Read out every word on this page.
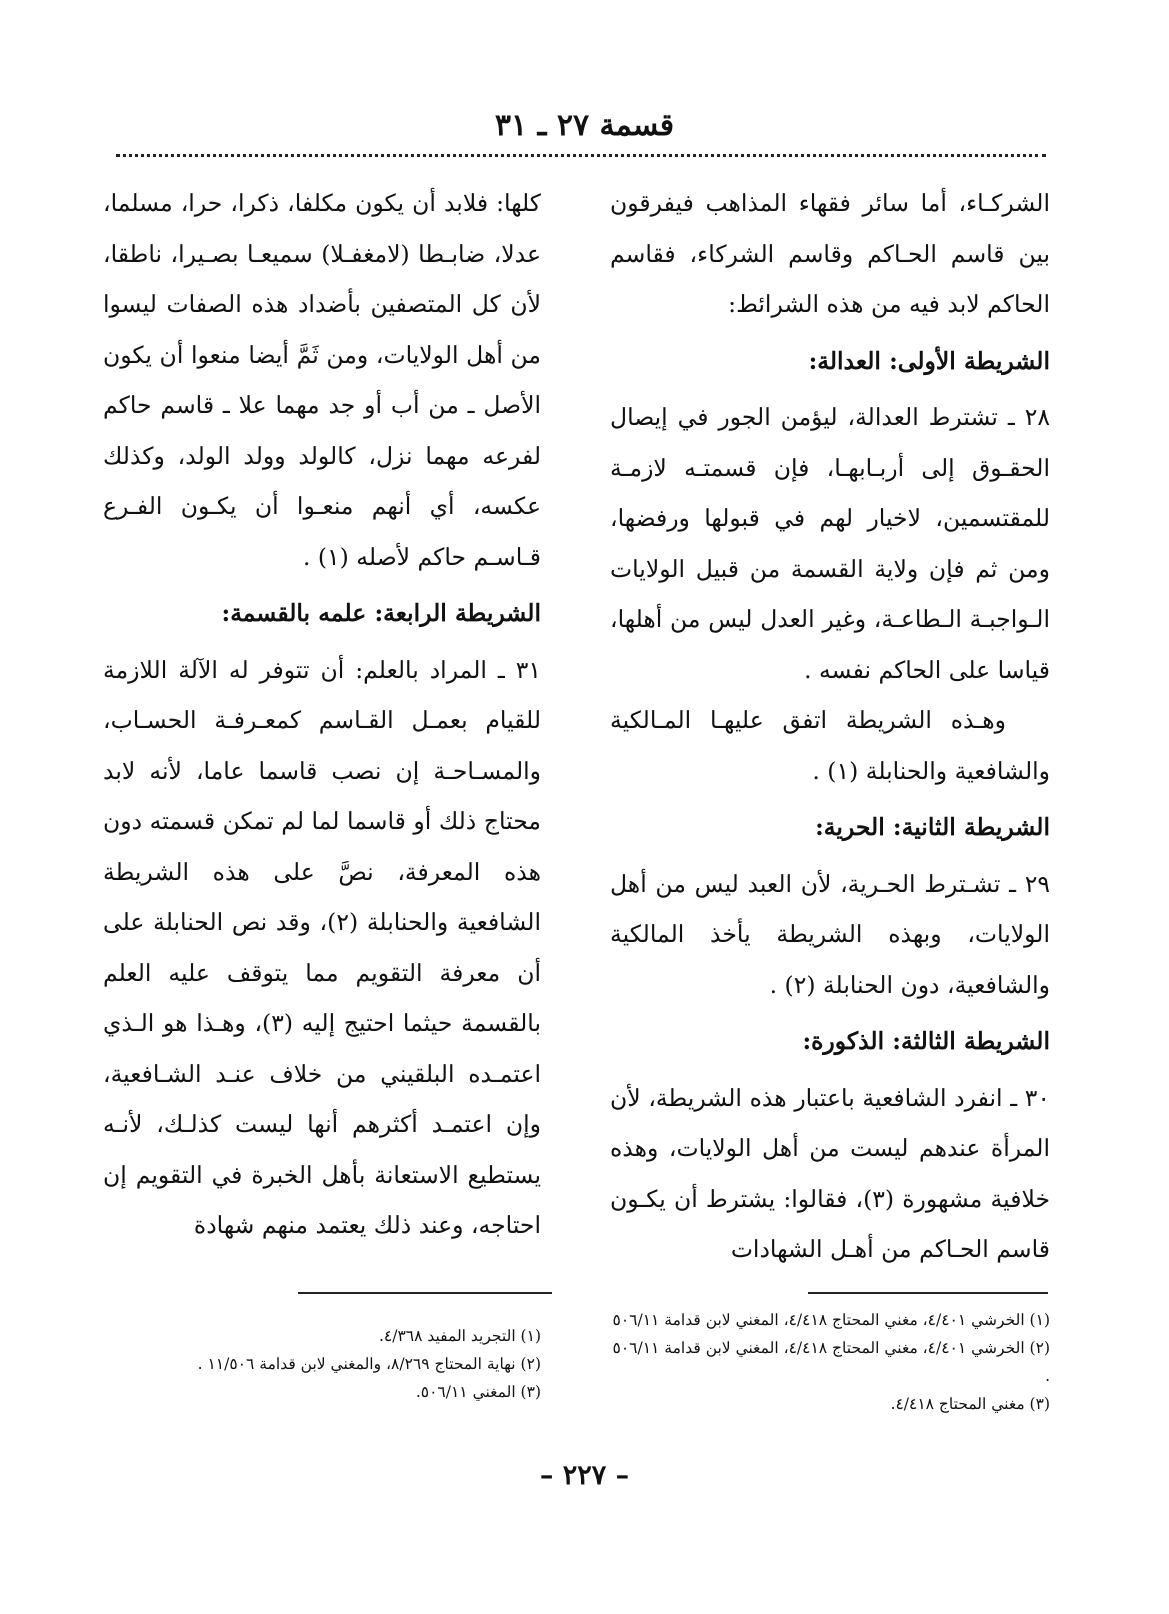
قسمة ٢٧ ـ ٣١

الشركـاء، أما سائر فقهاء المذاهب فيفرقون بين قاسم الحـاكم وقاسم الشركاء، فقاسم الحاكم لابد فيه من هذه الشرائط:

الشريطة الأولى: العدالة:

٢٨ ـ تشترط العدالة، ليؤمن الجور في إيصال الحقـوق إلى أربـابهـا، فإن قسمتـه لازمـة للمقتسمين، لاخيار لهم في قبولها ورفضها، ومن ثم فإن ولاية القسمة من قبيل الولايات الـواجبـة الـطاعـة، وغير العدل ليس من أهلها، قياسا على الحاكم نفسه .

وهـذه الشريطة اتفق عليهـا المـالكية والشافعية والحنابلة (١) .

الشريطة الثانية: الحرية:

٢٩ ـ تشـترط الحـرية، لأن العبد ليس من أهل الولايات، وبهذه الشريطة يأخذ المالكية والشافعية، دون الحنابلة (٢) .

الشريطة الثالثة: الذكورة:

٣٠ ـ انفرد الشافعية باعتبار هذه الشريطة، لأن المرأة عندهم ليست من أهل الولايات، وهذه خلافية مشهورة (٣)، فقالوا: يشترط أن يكـون قاسم الحـاكم من أهـل الشهادات

كلها: فلابد أن يكون مكلفا، ذكرا، حرا، مسلما، عدلا، ضابـطا (لامغفـلا) سميعـا بصـيرا، ناطقا، لأن كل المتصفين بأضداد هذه الصفات ليسوا من أهل الولايات، ومن ثَمَّ أيضا منعوا أن يكون الأصل ـ من أب أو جد مهما علا ـ قاسم حاكم لفرعه مهما نزل، كالولد وولد الولد، وكذلك عكسه، أي أنهم منعـوا أن يكـون الفـرع قـاسـم حاكم لأصله (١) .

الشريطة الرابعة: علمه بالقسمة:

٣١ ـ المراد بالعلم: أن تتوفر له الآلة اللازمة للقيام بعمـل القـاسم كمعـرفـة الحسـاب، والمسـاحـة إن نصب قاسما عاما، لأنه لابد محتاج ذلك أو قاسما لما لم تمكن قسمته دون هذه المعرفة، نصَّ على هذه الشريطة الشافعية والحنابلة (٢)، وقد نص الحنابلة على أن معرفة التقويم مما يتوقف عليه العلم بالقسمة حيثما احتيج إليه (٣)، وهـذا هو الـذي اعتمـده البلقيني من خلاف عنـد الشـافعية، وإن اعتمـد أكثرهم أنها ليست كذلـك، لأنـه يستطيع الاستعانة بأهل الخبرة في التقويم إن احتاجه، وعند ذلك يعتمد منهم شهادة

(١) الخرشي ٤/٤٠١، مغني المحتاج ٤/٤١٨، المغني لابن قدامة ٥٠٦/١١

(٢) الخرشي ٤/٤٠١، مغني المحتاج ٤/٤١٨، المغني لابن قدامة ٥٠٦/١١ .

(٣) مغني المحتاج ٤/٤١٨.

(١) التجريد المفيد ٤/٣٦٨.

(٢) نهاية المحتاج ٨/٢٦٩، والمغني لابن قدامة ١١/٥٠٦ .

(٣) المغني ٥٠٦/١١.

– ٢٢٧ –
